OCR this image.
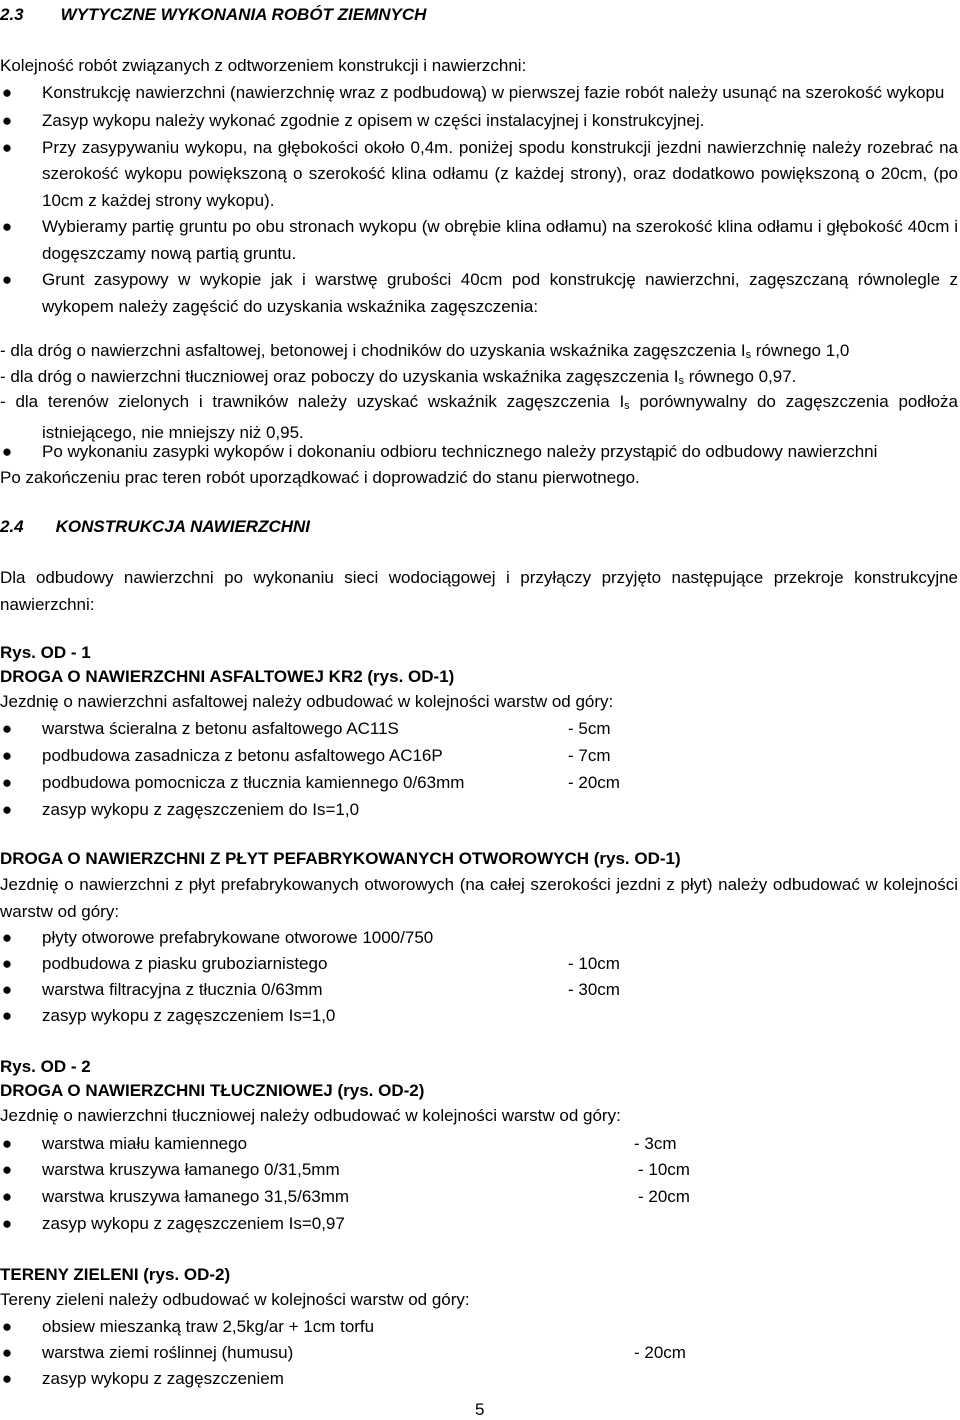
2.3 WYTYCZNE WYKONANIA ROBÓT ZIEMNYCH
Kolejność robót związanych z odtworzeniem konstrukcji i nawierzchni:
● Konstrukcję nawierzchni (nawierzchnię wraz z podbudową) w pierwszej fazie robót należy usunąć na szerokość wykopu
● Zasyp wykopu należy wykonać zgodnie z opisem w części instalacyjnej i konstrukcyjnej.
● Przy zasypywaniu wykopu, na głębokości około 0,4m. poniżej spodu konstrukcji jezdni nawierzchnię należy rozebrać na szerokość wykopu powiększoną o szerokość klina odłamu (z każdej strony), oraz dodatkowo powiększoną o 20cm, (po 10cm z każdej strony wykopu).
● Wybieramy partię gruntu po obu stronach wykopu (w obrębie klina odłamu) na szerokość klina odłamu i głębokość 40cm i dogęszczamy nową partią gruntu.
● Grunt zasypowy w wykopie jak i warstwę grubości 40cm pod konstrukcję nawierzchni, zagęszczaną równolegle z wykopem należy zagęścić do uzyskania wskaźnika zagęszczenia:
- dla dróg o nawierzchni asfaltowej, betonowej i chodników do uzyskania wskaźnika zagęszczenia Is równego 1,0
- dla dróg o nawierzchni tłuczniowej oraz poboczy do uzyskania wskaźnika zagęszczenia Is równego 0,97.
- dla terenów zielonych i trawników należy uzyskać wskaźnik zagęszczenia Is porównywalny do zagęszczenia podłoża istniejącego, nie mniejszy niż 0,95.
● Po wykonaniu zasypki wykopów i dokonaniu odbioru technicznego należy przystąpić do odbudowy nawierzchni
Po zakończeniu prac teren robót uporządkować i doprowadzić do stanu pierwotnego.
2.4 KONSTRUKCJA NAWIERZCHNI
Dla odbudowy nawierzchni po wykonaniu sieci wodociągowej i przyłączy przyjęto następujące przekroje konstrukcyjne nawierzchni:
Rys. OD - 1
DROGA O NAWIERZCHNI ASFALTOWEJ KR2 (rys. OD-1)
Jezdnię o nawierzchni asfaltowej należy odbudować w kolejności warstw od góry:
● warstwa ścieralna z betonu asfaltowego AC11S	- 5cm
● podbudowa zasadnicza z betonu asfaltowego AC16P	- 7cm
● podbudowa pomocnicza z tłucznia kamiennego 0/63mm	- 20cm
● zasyp wykopu z zagęszczeniem do Is=1,0
DROGA O NAWIERZCHNI Z PŁYT PEFABRYKOWANYCH OTWOROWYCH (rys. OD-1)
Jezdnię o nawierzchni z płyt prefabrykowanych otworowych (na całej szerokości jezdni z płyt) należy odbudować w kolejności warstw od góry:
● płyty otworowe prefabrykowane otworowe 1000/750
● podbudowa z piasku gruboziarnistego	- 10cm
● warstwa filtracyjna z tłucznia 0/63mm	- 30cm
● zasyp wykopu z zagęszczeniem Is=1,0
Rys. OD - 2
DROGA O NAWIERZCHNI TŁUCZNIOWEJ (rys. OD-2)
Jezdnię o nawierzchni tłuczniowej należy odbudować w kolejności warstw od góry:
● warstwa miału kamiennego	- 3cm
● warstwa kruszywa łamanego 0/31,5mm	- 10cm
● warstwa kruszywa łamanego 31,5/63mm	- 20cm
● zasyp wykopu z zagęszczeniem Is=0,97
TERENY ZIELENI (rys. OD-2)
Tereny zieleni należy odbudować w kolejności warstw od góry:
● obsiew mieszanką traw 2,5kg/ar + 1cm torfu
● warstwa ziemi roślinnej (humusu)	- 20cm
● zasyp wykopu z zagęszczeniem
5
